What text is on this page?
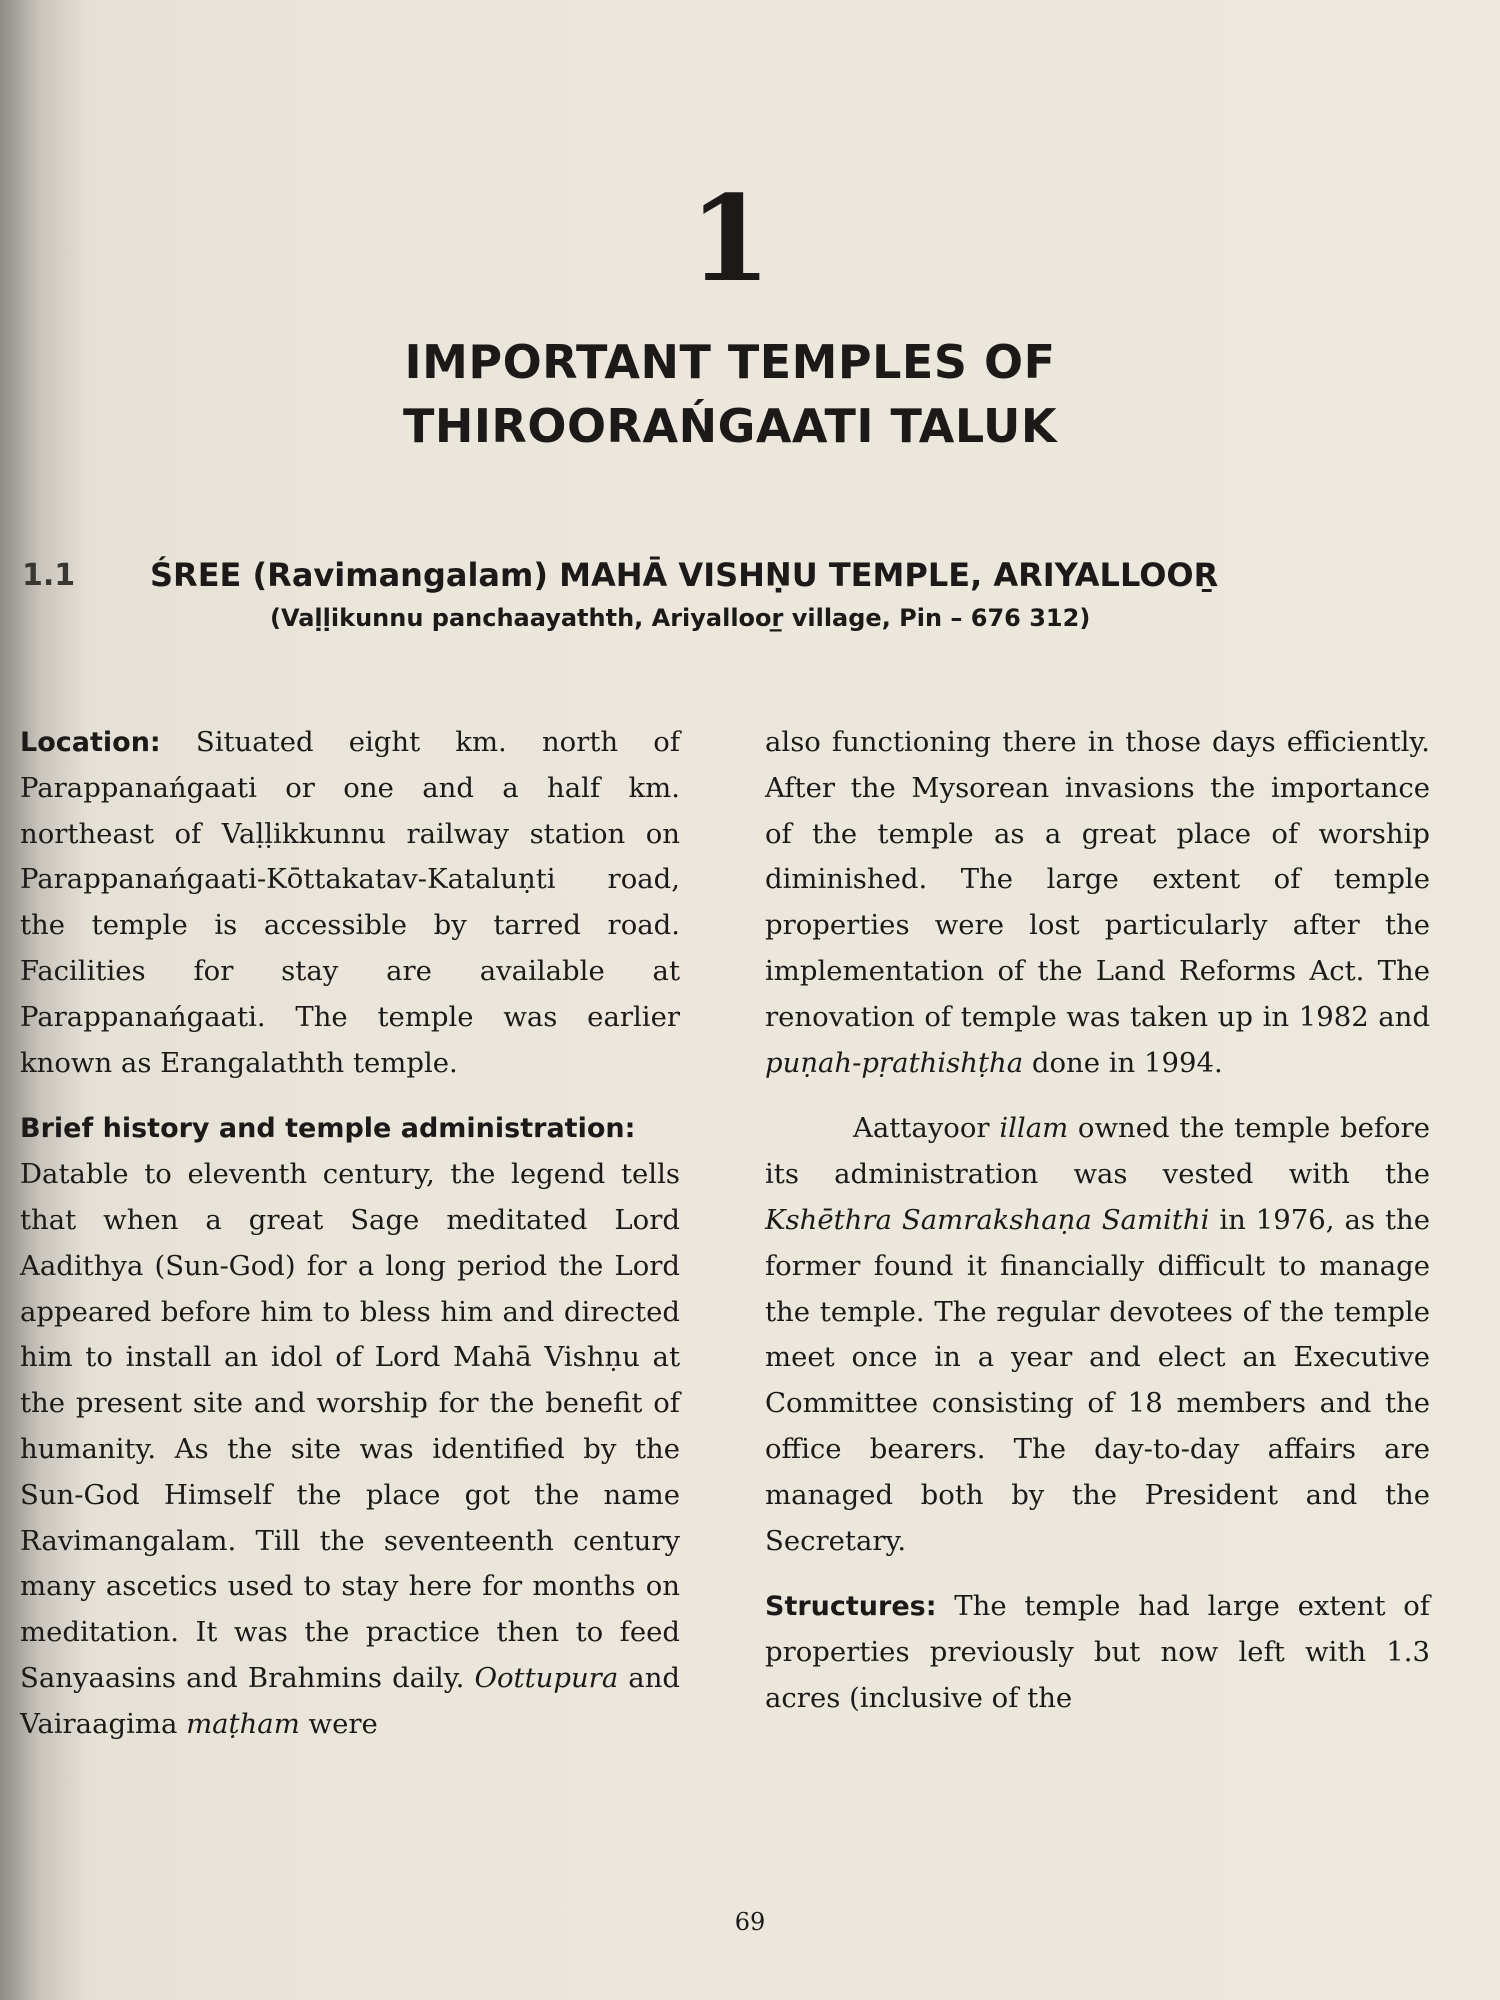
1
IMPORTANT TEMPLES OF
THIROORAŃGAATI TALUK
1.1 ŚREE (Ravimangalam) MAHĀ VISHṆU TEMPLE, ARIYALLOOṞ
(Vaḷḷikunnu panchaayathth, Ariyalloor̲ village, Pin – 676 312)

Location: Situated eight km. north of Parappanańgaati or one and a half km. northeast of Vaḷḷikkunnu railway station on Parappanańgaati-Kōttakatav-Kataluṇti road, the temple is accessible by tarred road. Facilities for stay are available at Parappanańgaati. The temple was earlier known as Erangalathth temple.

Brief history and temple administration:
Datable to eleventh century, the legend tells that when a great Sage meditated Lord Aadithya (Sun-God) for a long period the Lord appeared before him to bless him and directed him to install an idol of Lord Mahā Vishṇu at the present site and worship for the benefit of humanity. As the site was identified by the Sun-God Himself the place got the name Ravimangalam. Till the seventeenth century many ascetics used to stay here for months on meditation. It was the practice then to feed Sanyaasins and Brahmins daily. Oottupura and Vairaagima maṭham were

also functioning there in those days efficiently. After the Mysorean invasions the importance of the temple as a great place of worship diminished. The large extent of temple properties were lost particularly after the implementation of the Land Reforms Act. The renovation of temple was taken up in 1982 and puṇah-pṛathishṭha done in 1994.

Aattayoor illam owned the temple before its administration was vested with the Kshēthra Samrakshaṇa Samithi in 1976, as the former found it financially difficult to manage the temple. The regular devotees of the temple meet once in a year and elect an Executive Committee consisting of 18 members and the office bearers. The day-to-day affairs are managed both by the President and the Secretary.

Structures: The temple had large extent of properties previously but now left with 1.3 acres (inclusive of the

69
